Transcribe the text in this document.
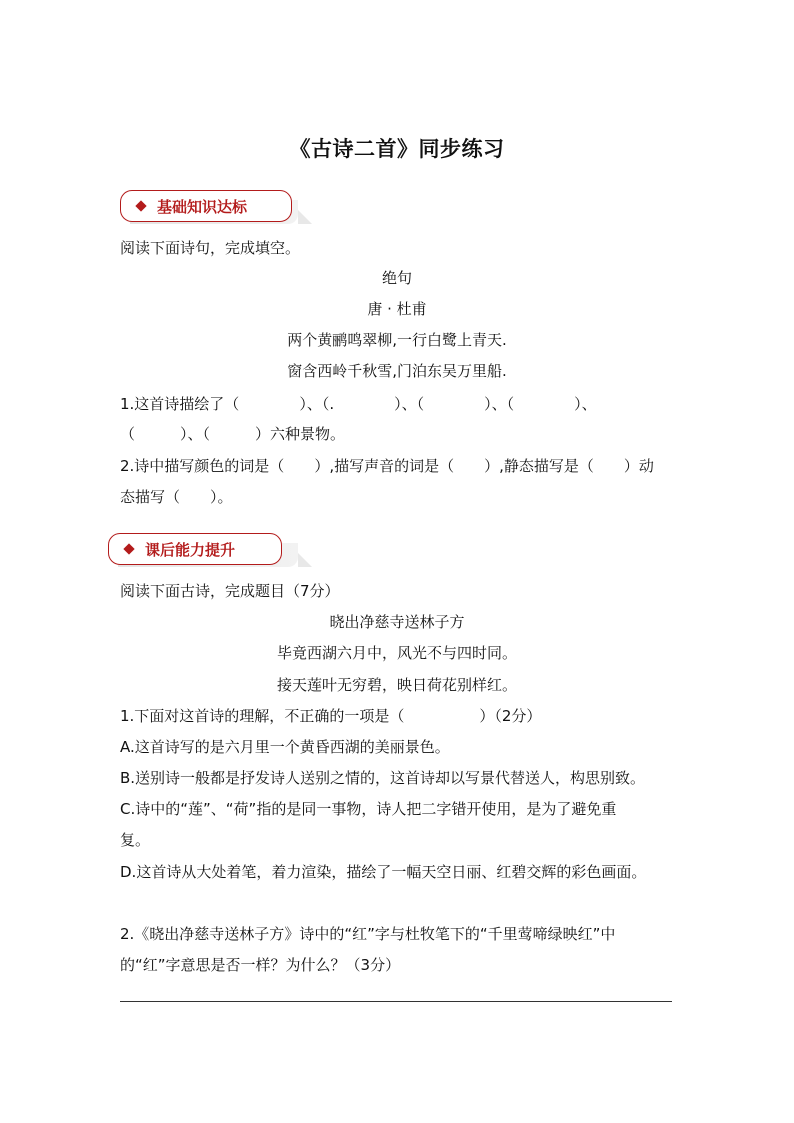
《古诗二首》同步练习
基础知识达标
阅读下面诗句，完成填空。
绝句
唐 · 杜甫
两个黄鹂鸣翠柳,一行白鹭上青天.
窗含西岭千秋雪,门泊东吴万里船.
1.这首诗描绘了（　　　　）、（.　　　　）、（　　　　）、（　　　　）、
（　　　）、（　　　）六种景物。
2.诗中描写颜色的词是（　　）,描写声音的词是（　　）,静态描写是（　　）动
态描写（　　）。
课后能力提升
阅读下面古诗，完成题目（7分）
晓出净慈寺送林子方
毕竟西湖六月中，风光不与四时同。
接天莲叶无穷碧，映日荷花别样红。
1.下面对这首诗的理解，不正确的一项是（　　　　　）（2分）
A.这首诗写的是六月里一个黄昏西湖的美丽景色。
B.送别诗一般都是抒发诗人送别之情的，这首诗却以写景代替送人，构思别致。
C.诗中的“莲”、“荷”指的是同一事物，诗人把二字错开使用，是为了避免重
复。
D.这首诗从大处着笔，着力渲染，描绘了一幅天空日丽、红碧交辉的彩色画面。
2.《晓出净慈寺送林子方》诗中的“红”字与杜牧笔下的“千里莺啼绿映红”中
的“红”字意思是否一样？为什么？（3分）
